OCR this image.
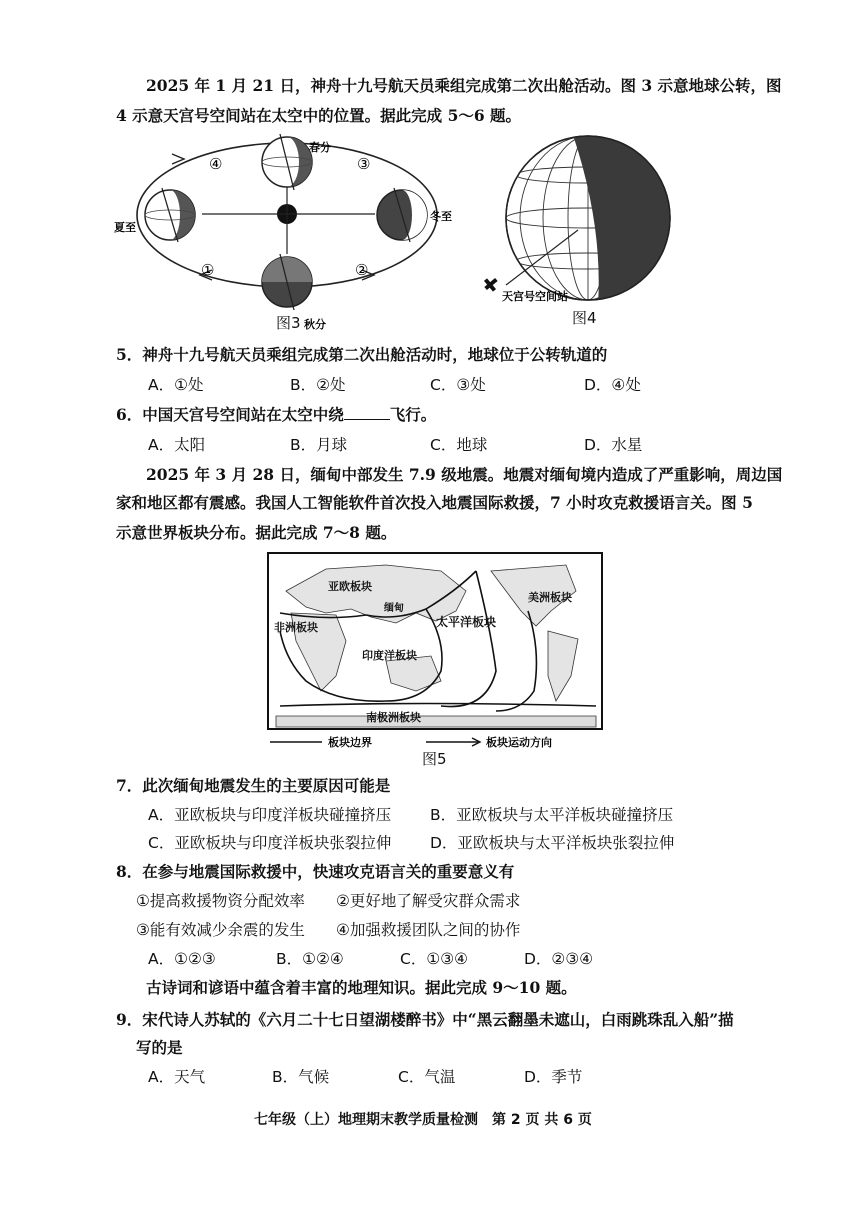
2025 年 1 月 21 日，神舟十九号航天员乘组完成第二次出舱活动。图 3 示意地球公转，图
4 示意天宫号空间站在太空中的位置。据此完成 5～6 题。
春分
夏至
秋分
冬至
①	②
③
④
图3
天宫号空间站
图4
5．神舟十九号航天员乘组完成第二次出舱活动时，地球位于公转轨道的
A．①处	B．②处	C．③处	D．④处
6．中国天宫号空间站在太空中绕	飞行。
A．太阳	B．月球	C．地球	D．水星
2025 年 3 月 28 日，缅甸中部发生 7.9 级地震。地震对缅甸境内造成了严重影响，周边国
家和地区都有震感。我国人工智能软件首次投入地震国际救援，7 小时攻克救援语言关。图 5
示意世界板块分布。据此完成 7～8 题。
亚欧板块
缅甸
美洲板块
非洲板块	太平洋板块
印度洋板块
南极洲板块
板块边界	板块运动方向
图5
7．此次缅甸地震发生的主要原因可能是
A．亚欧板块与印度洋板块碰撞挤压	B．亚欧板块与太平洋板块碰撞挤压
C．亚欧板块与印度洋板块张裂拉伸 D．亚欧板块与太平洋板块张裂拉伸
8．在参与地震国际救援中，快速攻克语言关的重要意义有
①提高救援物资分配效率 ②更好地了解受灾群众需求
③能有效减少余震的发生 ④加强救援团队之间的协作
A．①②③	B．①②④	C．①③④	D．②③④
古诗词和谚语中蕴含着丰富的地理知识。据此完成 9～10 题。
9．宋代诗人苏轼的《六月二十七日望湖楼醉书》中“黑云翻墨未遮山，白雨跳珠乱入船”描
写的是
A．天气	B．气候	C．气温	D．季节
七年级（上）地理期末教学质量检测　第 2 页 共 6 页
